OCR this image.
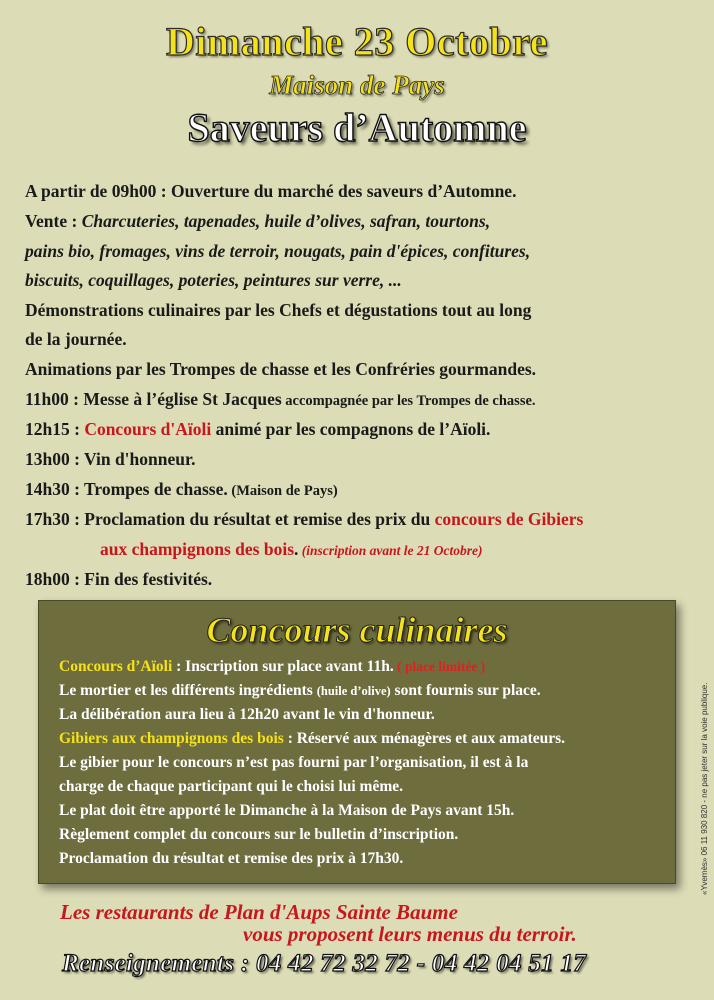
Dimanche 23 Octobre
Maison de Pays
Saveurs d’Automne
A partir de 09h00 : Ouverture du marché des saveurs d’Automne.
Vente : Charcuteries, tapenades, huile d’olives, safran, tourtons,
pains bio, fromages, vins de terroir, nougats, pain d'épices, confitures,
biscuits, coquillages, poteries, peintures sur verre, ...
Démonstrations culinaires par les Chefs et dégustations tout au long
de la journée.
Animations par les Trompes de chasse et les Confréries gourmandes.
11h00 : Messe à l’église St Jacques accompagnée par les Trompes de chasse.
12h15 : Concours d'Aïoli animé par les compagnons de l’Aïoli.
13h00 : Vin d'honneur.
14h30 : Trompes de chasse. (Maison de Pays)
17h30 : Proclamation du résultat et remise des prix du concours de Gibiers
aux champignons des bois. (inscription avant le 21 Octobre)
18h00 : Fin des festivités.
Concours culinaires
Concours d’Aïoli : Inscription sur place avant 11h. ( place limitée )
Le mortier et les différents ingrédients (huile d’olive) sont fournis sur place.
La délibération aura lieu à 12h20 avant le vin d'honneur.
Gibiers aux champignons des bois : Réservé aux ménagères et aux amateurs.
Le gibier pour le concours n’est pas fourni par l’organisation, il est à la
charge de chaque participant qui le choisi lui même.
Le plat doit être apporté le Dimanche à la Maison de Pays avant 15h.
Règlement complet du concours sur le bulletin d’inscription.
Proclamation du résultat et remise des prix à 17h30.
Les restaurants de Plan d'Aups Sainte Baume
vous proposent leurs menus du terroir.
Renseignements : 04 42 72 32 72 - 04 42 04 51 17
«Yvemès» 06 11 930 820 - ne pas jeter sur la voie publique.
